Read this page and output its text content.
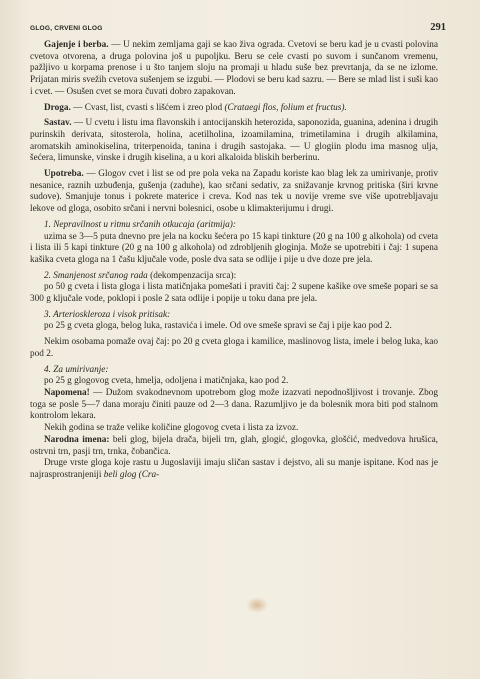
GLOG, CRVENI GLOG	291

Gajenje i berba. — U nekim zemljama gaji se kao živa ograda. Cvetovi se beru kad je u cvasti polovina cvetova otvorena, a druga polovina još u pupoljku. Beru se cele cvasti po suvom i sunčanom vremenu, pažljivo u korpama prenose i u što tanjem sloju na promaji u hladu suše bez prevrtanja, da se ne izlome. Prijatan miris svežih cvetova sušenjem se izgubi. — Plodovi se beru kad sazru. — Bere se mlad list i suši kao i cvet. — Osušen cvet se mora čuvati dobro zapakovan.

Droga. — Cvast, list, cvasti s lišćem i zreo plod (Crataegi flos, folium et fructus).

Sastav. — U cvetu i listu ima flavonskih i antocijanskih heterozida, saponozida, guanina, adenina i drugih purinskih derivata, sitosterola, holina, acetilholina, izoamilamina, trimetilamina i drugih alkilamina, aromatskih aminokiselina, triterpenoida, tanina i drugih sastojaka. — U glogiin plodu ima masnog ulja, šećera, limunske, vinske i drugih kiselina, a u kori alkaloida bliskih berberinu.

Upotreba. — Glogov cvet i list se od pre pola veka na Zapadu koriste kao blag lek za umirivanje, protiv nesanice, raznih uzbuđenja, gušenja (zaduhe), kao srčani sedativ, za snižavanje krvnog pritiska (širi krvne sudove). Smanjuje tonus i pokrete materice i creva. Kod nas tek u novije vreme sve više upotrebljavaju lekove od gloga, osobito srčani i nervni bolesnici, osobe u klimakterijumu i drugi.

1. Nepravilnost u ritmu srčanih otkucaja (aritmija):

uzima se 3—5 puta dnevno pre jela na kocku šećera po 15 kapi tinkture (20 g na 100 g alkohola) od cveta i lista ili 5 kapi tinkture (20 g na 100 g alkohola) od zdrobljenih gloginja. Može se upotrebiti i čaj: 1 supena kašika cveta gloga na 1 čašu ključale vode, posle dva sata se odlije i pije u dve doze pre jela.

2. Smanjenost srčanog rada (dekompenzacija srca):

po 50 g cveta i lista gloga i lista matičnjaka pomešati i praviti čaj: 2 supene kašike ove smeše popari se sa 300 g ključale vode, poklopi i posle 2 sata odlije i popije u toku dana pre jela.

3. Arterioskleroza i visok pritisak:

po 25 g cveta gloga, belog luka, rastavića i imele. Od ove smeše spravi se čaj i pije kao pod 2.

Nekim osobama pomaže ovaj čaj: po 20 g cveta gloga i kamilice, maslinovog lista, imele i belog luka, kao pod 2.

4. Za umirivanje:

po 25 g glogovog cveta, hmelja, odoljena i matičnjaka, kao pod 2.

Napomena! — Dužom svakodnevnom upotrebom glog može izazvati nepodnošljivost i trovanje. Zbog toga se posle 5—7 dana moraju činiti pauze od 2—3 dana. Razumljivo je da bolesnik mora biti pod stalnom kontrolom lekara.

Nekih godina se traže velike količine glogovog cveta i lista za izvoz.

Narodna imena: beli glog, bijela drača, bijeli trn, glah, glogić, glogovka, glošćić, medvedova hrušica, ostrvni trn, pasji trn, trnka, čobančica.

Druge vrste gloga koje rastu u Jugoslaviji imaju sličan sastav i dejstvo, ali su manje ispitane. Kod nas je najrasprostranjeniji beli glog (Cra-
